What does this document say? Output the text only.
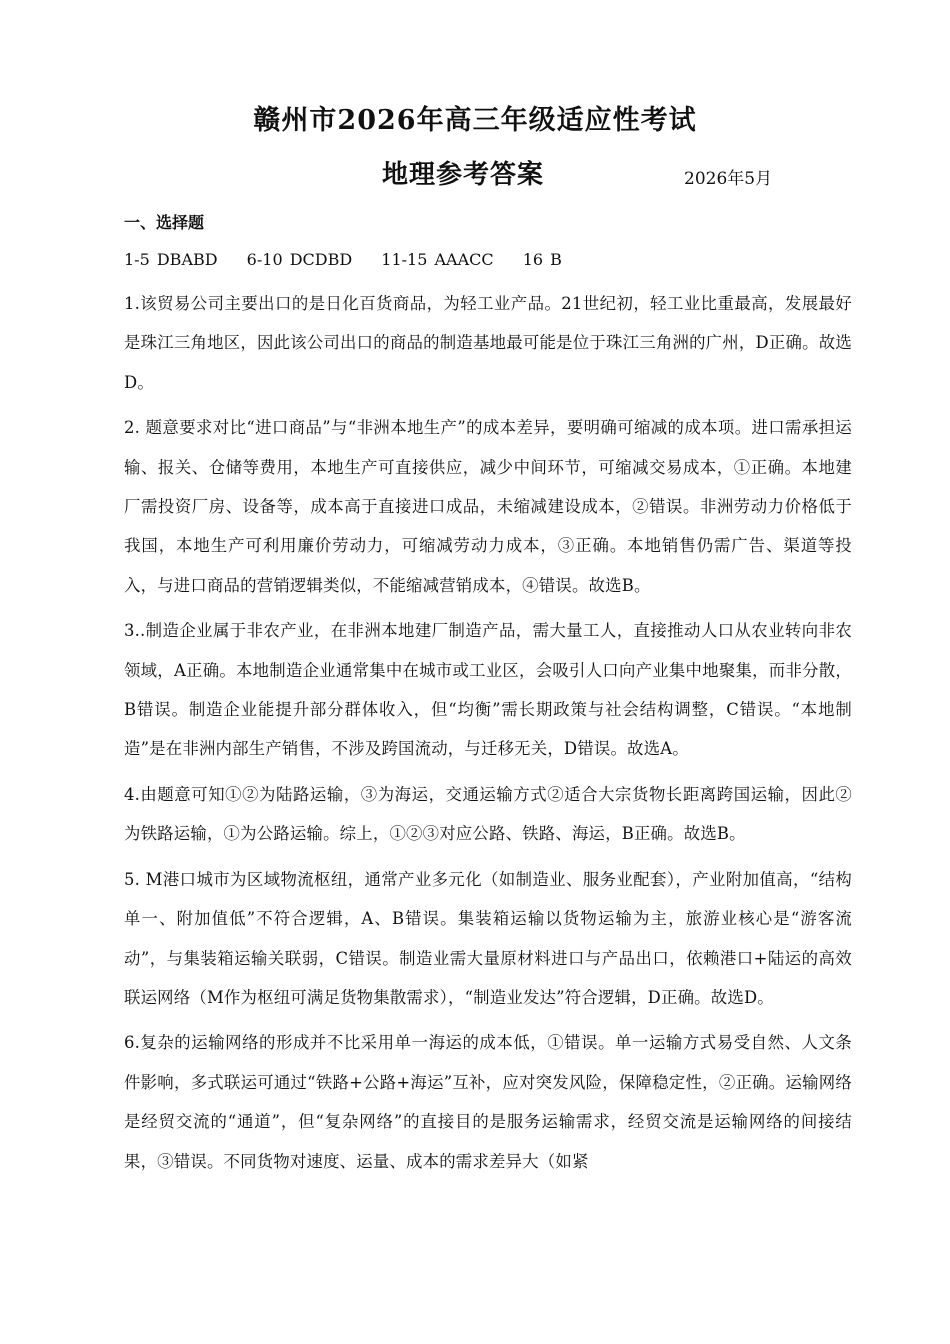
赣州市2026年高三年级适应性考试
地理参考答案	2026年5月
一、选择题
1-5 DBABD 6-10 DCDBD 11-15 AAACC 16 B

1.该贸易公司主要出口的是日化百货商品，为轻工业产品。21世纪初，轻工业比重最高，发展最好是珠江三角地区，因此该公司出口的商品的制造基地最可能是位于珠江三角洲的广州，D正确。故选D。

2. 题意要求对比“进口商品”与“非洲本地生产”的成本差异，要明确可缩减的成本项。进口需承担运输、报关、仓储等费用，本地生产可直接供应，减少中间环节，可缩减交易成本，①正确。本地建厂需投资厂房、设备等，成本高于直接进口成品，未缩减建设成本，②错误。非洲劳动力价格低于我国，本地生产可利用廉价劳动力，可缩减劳动力成本，③正确。本地销售仍需广告、渠道等投入，与进口商品的营销逻辑类似，不能缩减营销成本，④错误。故选B。

3..制造企业属于非农产业，在非洲本地建厂制造产品，需大量工人，直接推动人口从农业转向非农领域，A正确。本地制造企业通常集中在城市或工业区，会吸引人口向产业集中地聚集，而非分散，B错误。制造企业能提升部分群体收入，但“均衡”需长期政策与社会结构调整，C错误。“本地制造”是在非洲内部生产销售，不涉及跨国流动，与迁移无关，D错误。故选A。

4.由题意可知①②为陆路运输，③为海运，交通运输方式②适合大宗货物长距离跨国运输，因此②为铁路运输，①为公路运输。综上，①②③对应公路、铁路、海运，B正确。故选B。

5. M港口城市为区域物流枢纽，通常产业多元化（如制造业、服务业配套），产业附加值高，“结构单一、附加值低”不符合逻辑，A、B错误。集装箱运输以货物运输为主，旅游业核心是“游客流动”，与集装箱运输关联弱，C错误。制造业需大量原材料进口与产品出口，依赖港口+陆运的高效联运网络（M作为枢纽可满足货物集散需求），“制造业发达”符合逻辑，D正确。故选D。

6.复杂的运输网络的形成并不比采用单一海运的成本低，①错误。单一运输方式易受自然、人文条件影响，多式联运可通过“铁路+公路+海运”互补，应对突发风险，保障稳定性，②正确。运输网络是经贸交流的“通道”，但“复杂网络”的直接目的是服务运输需求，经贸交流是运输网络的间接结果，③错误。不同货物对速度、运量、成本的需求差异大（如紧
